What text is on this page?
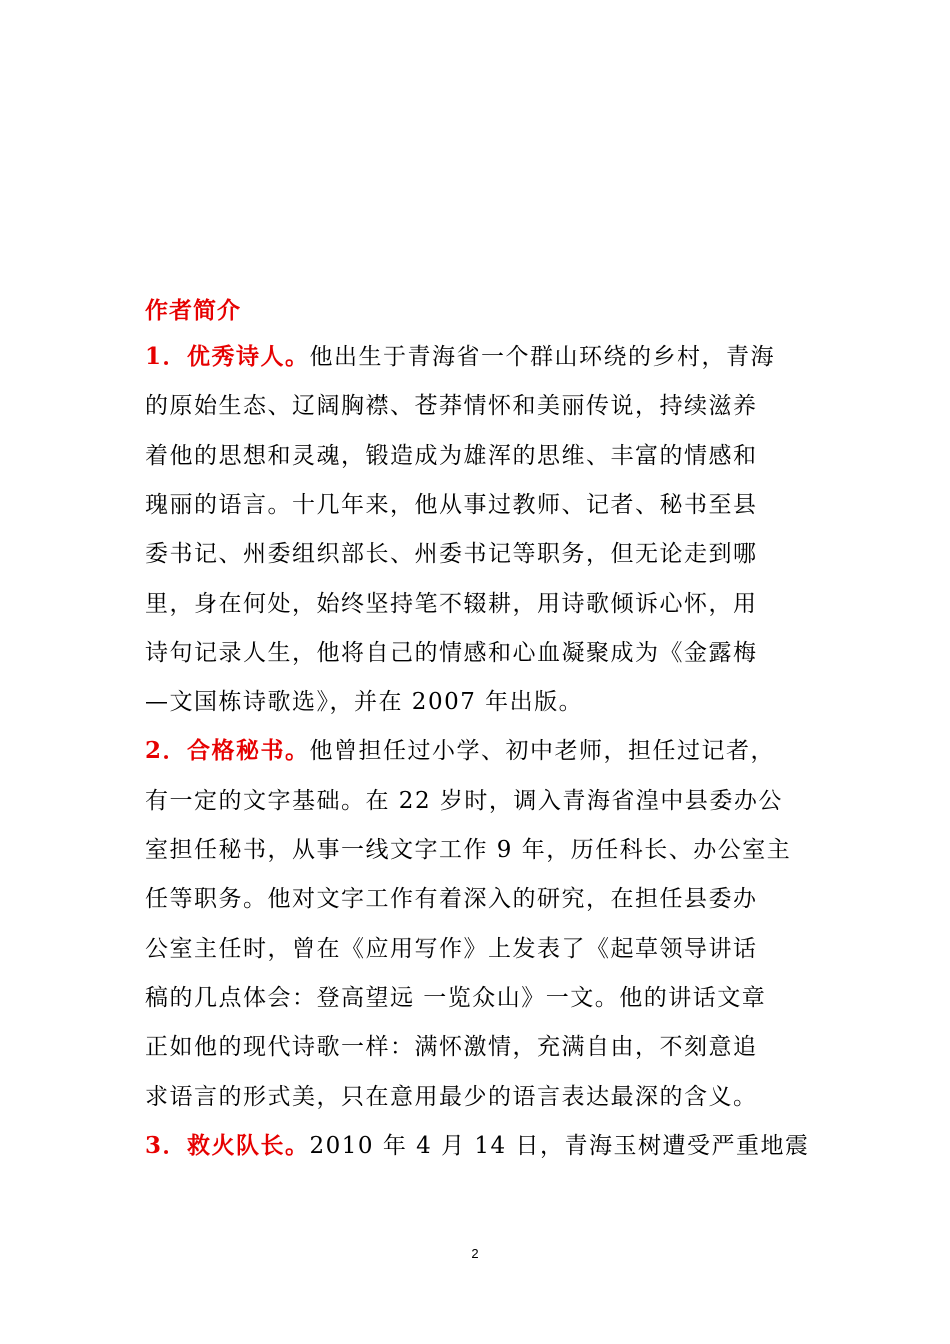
作者简介
1．优秀诗人。他出生于青海省一个群山环绕的乡村，青海
的原始生态、辽阔胸襟、苍莽情怀和美丽传说，持续滋养
着他的思想和灵魂，锻造成为雄浑的思维、丰富的情感和
瑰丽的语言。十几年来，他从事过教师、记者、秘书至县
委书记、州委组织部长、州委书记等职务，但无论走到哪
里，身在何处，始终坚持笔不辍耕，用诗歌倾诉心怀，用
诗句记录人生，他将自己的情感和心血凝聚成为《金露梅
—文国栋诗歌选》，并在 2007 年出版。
2．合格秘书。他曾担任过小学、初中老师，担任过记者，
有一定的文字基础。在 22 岁时，调入青海省湟中县委办公
室担任秘书，从事一线文字工作 9 年，历任科长、办公室主
任等职务。他对文字工作有着深入的研究，在担任县委办
公室主任时，曾在《应用写作》上发表了《起草领导讲话
稿的几点体会：登高望远 一览众山》一文。他的讲话文章
正如他的现代诗歌一样：满怀激情，充满自由，不刻意追
求语言的形式美，只在意用最少的语言表达最深的含义。
3．救火队长。2010 年 4 月 14 日，青海玉树遭受严重地震
2
